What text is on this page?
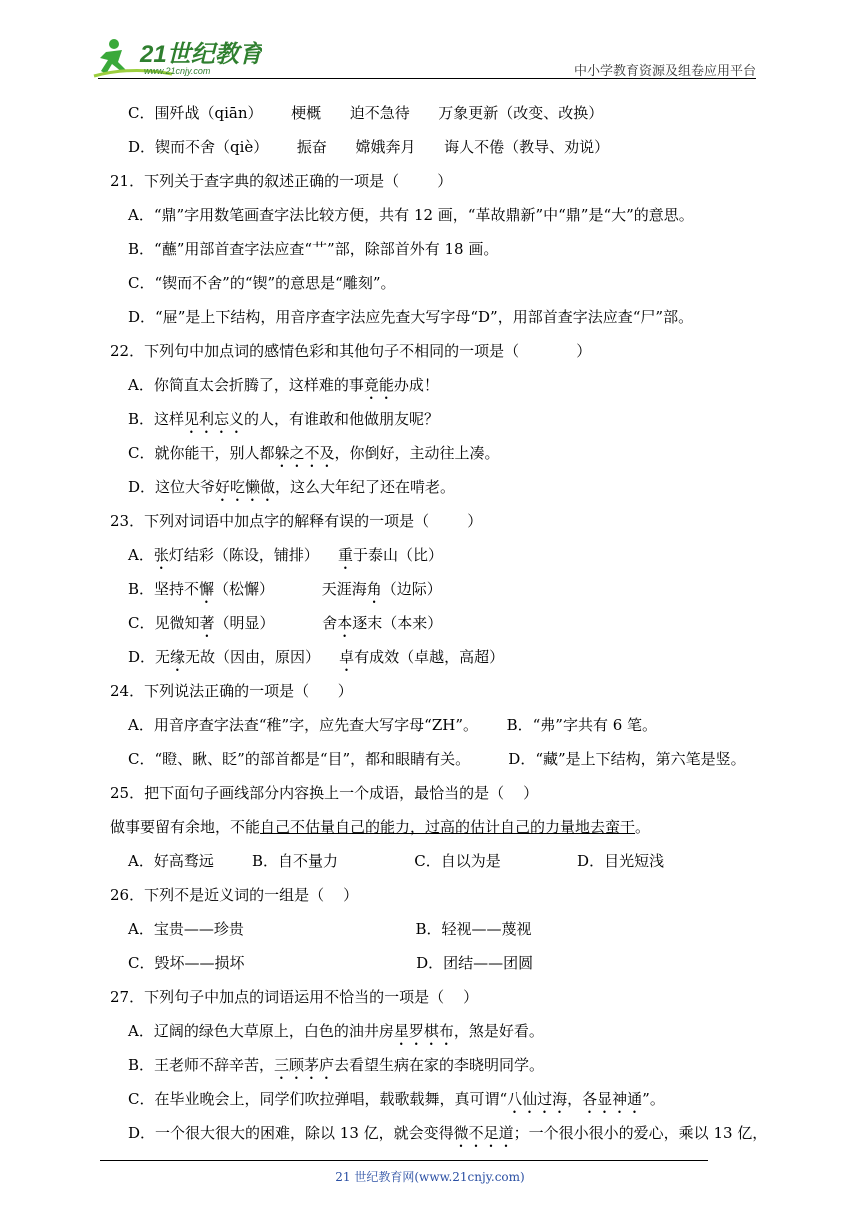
21世纪教育
www.21cnjy.com	中小学教育资源及组卷应用平台
C．围歼战（qiān）      梗概      迫不急待      万象更新（改变、改换）
D．锲而不舍（qiè）      振奋      嫦娥奔月      诲人不倦（教导、劝说）
21．下列关于查字典的叙述正确的一项是（        ）
A．“鼎”字用数笔画查字法比较方便，共有 12 画，“革故鼎新”中“鼎”是“大”的意思。
B．“蘸”用部首查字法应查“艹”部，除部首外有 18 画。
C．“锲而不舍”的“锲”的意思是“雕刻”。
D．“屉”是上下结构，用音序查字法应先查大写字母“D”，用部首查字法应查“尸”部。
22．下列句中加点词的感情色彩和其他句子不相同的一项是（            ）
A．你简直太会折腾了，这样难的事竟能办成！
B．这样见利忘义的人，有谁敢和他做朋友呢？
C．就你能干，别人都躲之不及，你倒好，主动往上凑。
D．这位大爷好吃懒做，这么大年纪了还在啃老。
23．下列对词语中加点字的解释有误的一项是（        ）
A．张灯结彩（陈设，铺排）    重于泰山（比）
B．坚持不懈（松懈）          天涯海角（边际）
C．见微知著（明显）          舍本逐末（本来）
D．无缘无故（因由，原因）    卓有成效（卓越，高超）
24．下列说法正确的一项是（      ）
A．用音序查字法查“稚”字，应先查大写字母“ZH”。      B．“弗”字共有 6 笔。
C．“瞪、瞅、眨”的部首都是“目”，都和眼睛有关。        D．“藏”是上下结构，第六笔是竖。
25．把下面句子画线部分内容换上一个成语，最恰当的是（    ）
做事要留有余地，不能自己不估量自己的能力，过高的估计自己的力量地去蛮干。
A．好高骛远        B．自不量力                C．自以为是                D．目光短浅
26．下列不是近义词的一组是（    ）
A．宝贵——珍贵                                    B．轻视——蔑视
C．毁坏——损坏                                    D．团结——团圆
27．下列句子中加点的词语运用不恰当的一项是（    ）
A．辽阔的绿色大草原上，白色的油井房星罗棋布，煞是好看。
B．王老师不辞辛苦，三顾茅庐去看望生病在家的李晓明同学。
C．在毕业晚会上，同学们吹拉弹唱，载歌载舞，真可谓“八仙过海，各显神通”。
D．一个很大很大的困难，除以 13 亿，就会变得微不足道；一个很小很小的爱心，乘以 13 亿，
21 世纪教育网(www.21cnjy.com)
